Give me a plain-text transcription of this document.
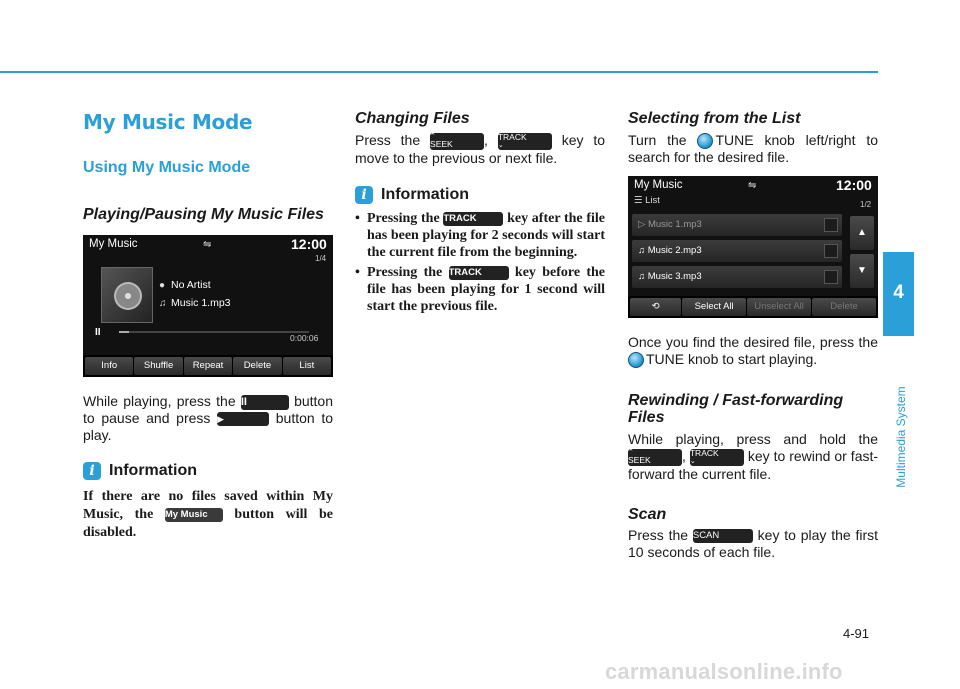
My Music Mode
Using My Music Mode
Playing/Pausing My Music Files
My Music	⇋	12:00
1/4
● No Artist
♫ Music 1.mp3
II	0:00:06
Info	Shuffle	Repeat	Delete	List
While playing, press the II	button to pause and press ▶	button to play.
i Information
If there are no files saved within My Music, the My Music button will be disabled.
Changing Files
Press the ⌃
SEEK , TRACK
⌄	key to move to the previous or next file.
i Information
• Pressing the TRACK key after the file has been playing for 2 seconds will start the current file from the beginning.
• Pressing the TRACK key before the file has been playing for 1 second will start the previous file.
Selecting from the List
Turn the TUNE knob left/right to search for the desired file.
My Music	⇋	12:00
☰ List	1/2
▷ Music 1.mp3
♫ Music 2.mp3
♫ Music 3.mp3
▲
▼
⟲	Select All	Unselect All	Delete
Once you find the desired file, press the TUNE knob to start playing.
Rewinding / Fast-forwarding Files
While playing, press and hold the
⌃
SEEK , TRACK
⌄	key to rewind or fast-forward the current file.
Scan
Press the SCAN	key to play the first 10 seconds of each file.
4
Multimedia System
4-91
carmanualsonline.info
